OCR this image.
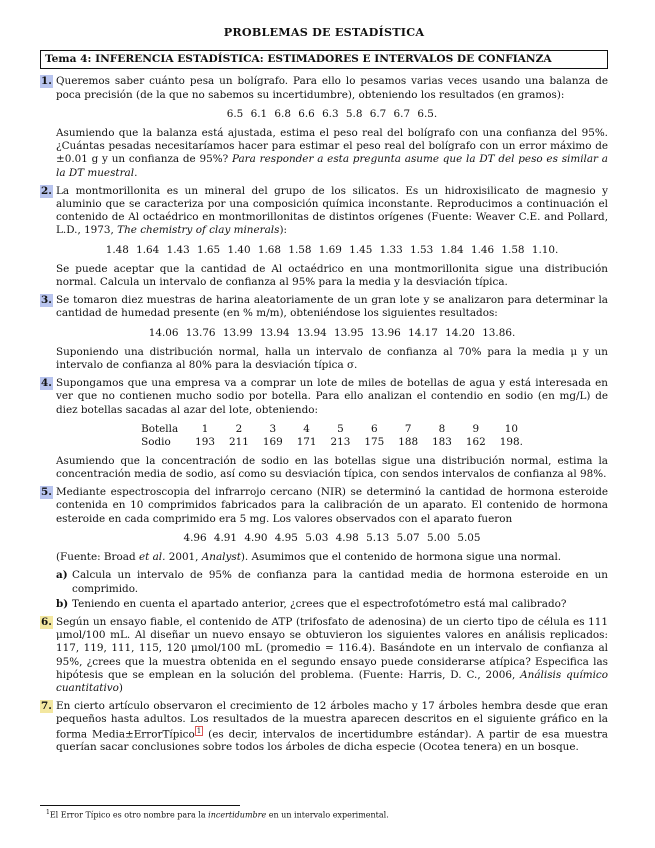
PROBLEMAS DE ESTADÍSTICA
Tema 4: INFERENCIA ESTADÍSTICA: ESTIMADORES E INTERVALOS DE CONFIANZA
1. Queremos saber cuánto pesa un bolígrafo. Para ello lo pesamos varias veces usando una balanza de poca precisión (de la que no sabemos su incertidumbre), obteniendo los resultados (en gramos):

6.5 6.1 6.8 6.6 6.3 5.8 6.7 6.7 6.5.

Asumiendo que la balanza está ajustada, estima el peso real del bolígrafo con una confianza del 95%. ¿Cuántas pesadas necesitaríamos hacer para estimar el peso real del bolígrafo con un error máximo de ±0.01 g y un confianza de 95%? Para responder a esta pregunta asume que la DT del peso es similar a la DT muestral.

2. La montmorillonita es un mineral del grupo de los silicatos. Es un hidroxisilicato de magnesio y aluminio que se caracteriza por una composición química inconstante. Reproducimos a continuación el contenido de Al octaédrico en montmorillonitas de distintos orígenes (Fuente: Weaver C.E. and Pollard, L.D., 1973, The chemistry of clay minerals):

1.48 1.64 1.43 1.65 1.40 1.68 1.58 1.69 1.45 1.33 1.53 1.84 1.46 1.58 1.10.

Se puede aceptar que la cantidad de Al octaédrico en una montmorillonita sigue una distribución normal. Calcula un intervalo de confianza al 95% para la media y la desviación típica.

3. Se tomaron diez muestras de harina aleatoriamente de un gran lote y se analizaron para determinar la cantidad de humedad presente (en % m/m), obteniéndose los siguientes resultados:

14.06 13.76 13.99 13.94 13.94 13.95 13.96 14.17 14.20 13.86.

Suponiendo una distribución normal, halla un intervalo de confianza al 70% para la media μ y un intervalo de confianza al 80% para la desviación típica σ.

4. Supongamos que una empresa va a comprar un lote de miles de botellas de agua y está interesada en ver que no contienen mucho sodio por botella. Para ello analizan el contendio en sodio (en mg/L) de diez botellas sacadas al azar del lote, obteniendo:

Botella	1	2	3	4	5	6	7	8	9	10
Sodio	193	211	169	171	213	175	188	183	162	198.

Asumiendo que la concentración de sodio en las botellas sigue una distribución normal, estima la concentración media de sodio, así como su desviación típica, con sendos intervalos de confianza al 98%.

5. Mediante espectroscopia del infrarrojo cercano (NIR) se determinó la cantidad de hormona esteroide contenida en 10 comprimidos fabricados para la calibración de un aparato. El contenido de hormona esteroide en cada comprimido era 5 mg. Los valores observados con el aparato fueron

4.96 4.91 4.90 4.95 5.03 4.98 5.13 5.07 5.00 5.05

(Fuente: Broad et al. 2001, Analyst). Asumimos que el contenido de hormona sigue una normal.

a) Calcula un intervalo de 95% de confianza para la cantidad media de hormona esteroide en un comprimido.
b) Teniendo en cuenta el apartado anterior, ¿crees que el espectrofotómetro está mal calibrado?
6. Según un ensayo fiable, el contenido de ATP (trifosfato de adenosina) de un cierto tipo de célula es 111 μmol/100 mL. Al diseñar un nuevo ensayo se obtuvieron los siguientes valores en análisis replicados: 117, 119, 111, 115, 120 μmol/100 mL (promedio = 116.4). Basándote en un intervalo de confianza al 95%, ¿crees que la muestra obtenida en el segundo ensayo puede considerarse atípica? Especifica las hipótesis que se emplean en la solución del problema. (Fuente: Harris, D. C., 2006, Análisis químico cuantitativo)

7. En cierto artículo observaron el crecimiento de 12 árboles macho y 17 árboles hembra desde que eran pequeños hasta adultos. Los resultados de la muestra aparecen descritos en el siguiente gráfico en la forma Media±ErrorTípico $^1$ (es decir, intervalos de incertidumbre estándar). A partir de esa muestra querían sacar conclusiones sobre todos los árboles de dicha especie (Ocotea tenera) en un bosque.

$^1$El Error Típico es otro nombre para la incertidumbre en un intervalo experimental.
